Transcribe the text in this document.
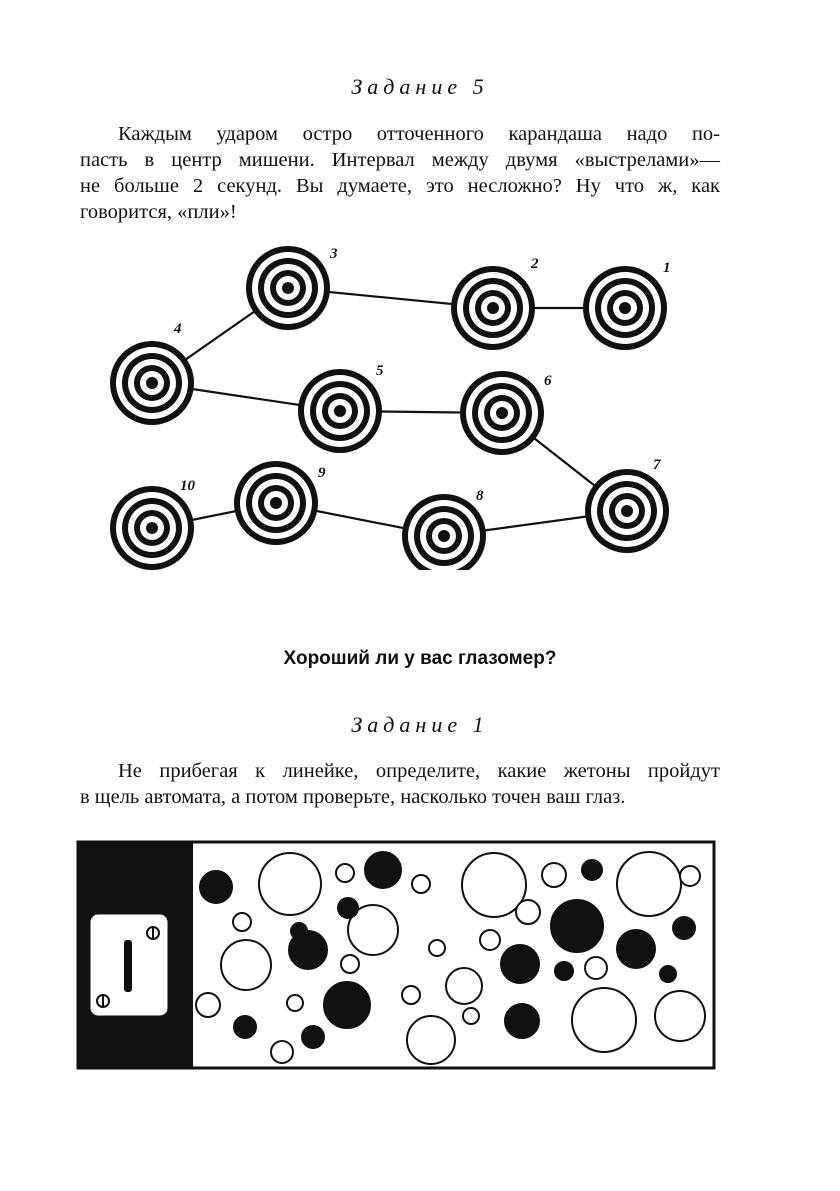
Задание 5
Каждым ударом остро отточенного карандаша надо по-
пасть в центр мишени. Интервал между двумя «выстрелами»—
не больше 2 секунд. Вы думаете, это несложно? Ну что ж, как
говорится, «пли»!
1
2
3
4
5
6
7
8
9
10
Хороший ли у вас глазомер?
Задание 1
Не прибегая к линейке, определите, какие жетоны пройдут
в щель автомата, а потом проверьте, насколько точен ваш глаз.
